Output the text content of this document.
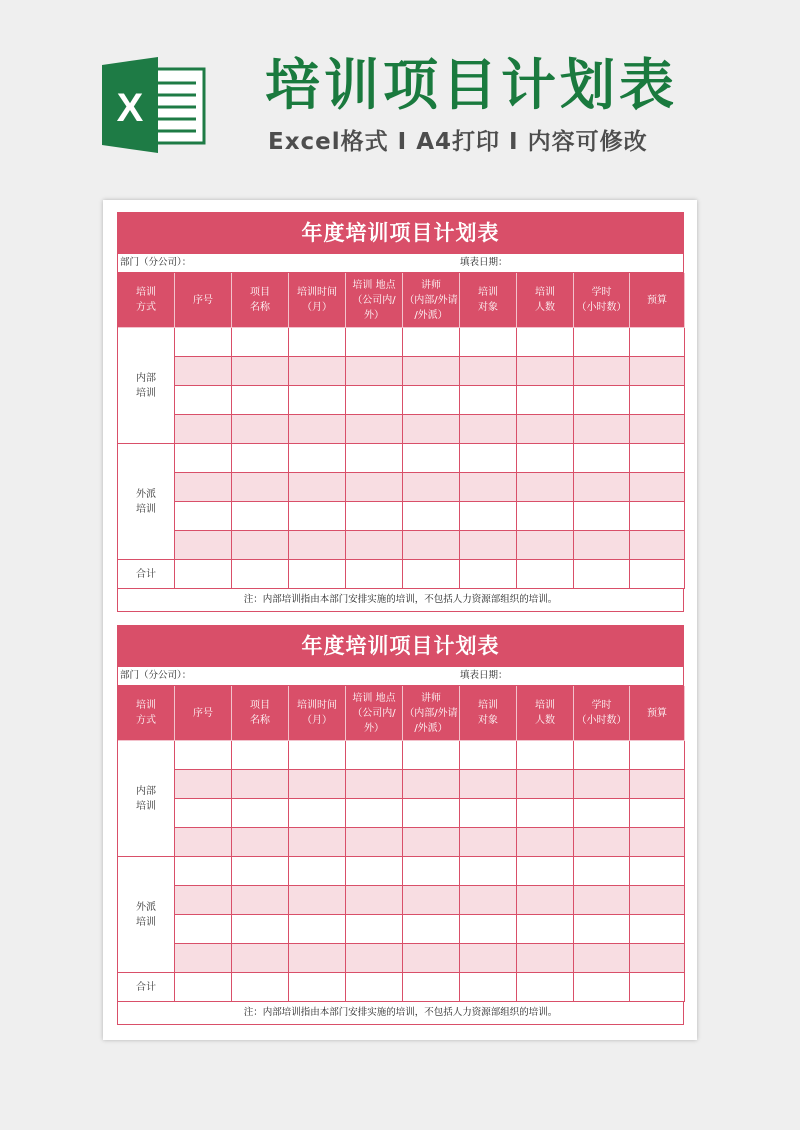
X 培训项目计划表
Excel格式 Ⅰ A4打印 Ⅰ 内容可修改
年度培训项目计划表
部门（分公司）：	填表日期：
培训
方式
序号
项目
名称
培训时间
（月）
培训 地点
（公司内/
外）
讲师
（内部/外请
/外派）
培训
对象
培训
人数
学时
（小时数）
预算
内部
培训
外派
培训
合计
注：内部培训指由本部门安排实施的培训，不包括人力资源部组织的培训。
年度培训项目计划表
部门（分公司）：	填表日期：
培训
方式
序号
项目
名称
培训时间
（月）
培训 地点
（公司内/
外）
讲师
（内部/外请
/外派）
培训
对象
培训
人数
学时
（小时数）
预算
内部
培训
外派
培训
合计
注：内部培训指由本部门安排实施的培训，不包括人力资源部组织的培训。
